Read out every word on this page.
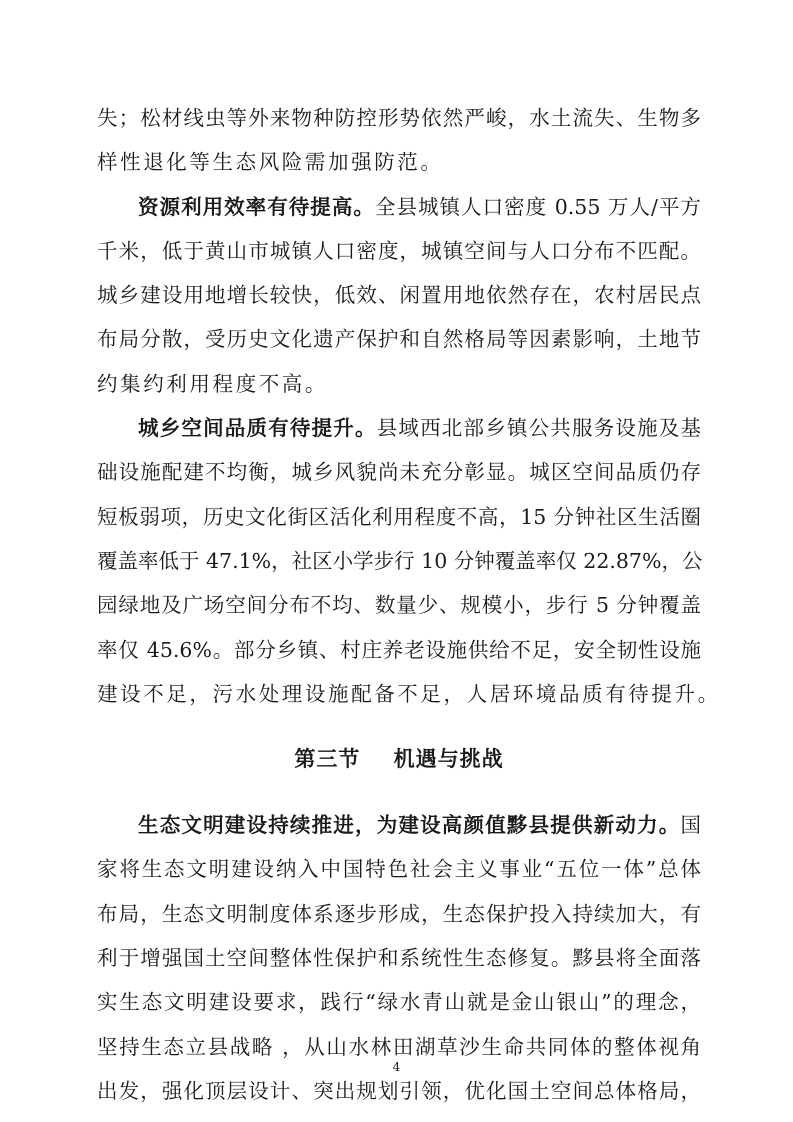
失；松材线虫等外来物种防控形势依然严峻，水土流失、生物多
样性退化等生态风险需加强防范。
资源利用效率有待提高。全县城镇人口密度 0.55 万人/平方
千米，低于黄山市城镇人口密度，城镇空间与人口分布不匹配。
城乡建设用地增长较快，低效、闲置用地依然存在，农村居民点
布局分散，受历史文化遗产保护和自然格局等因素影响，土地节
约集约利用程度不高。
城乡空间品质有待提升。县域西北部乡镇公共服务设施及基
础设施配建不均衡，城乡风貌尚未充分彰显。城区空间品质仍存
短板弱项，历史文化街区活化利用程度不高，15 分钟社区生活圈
覆盖率低于 47.1%，社区小学步行 10 分钟覆盖率仅 22.87%，公
园绿地及广场空间分布不均、数量少、规模小，步行 5 分钟覆盖
率仅 45.6%。部分乡镇、村庄养老设施供给不足，安全韧性设施
建设不足，污水处理设施配备不足，人居环境品质有待提升。
第三节    机遇与挑战
生态文明建设持续推进，为建设高颜值黟县提供新动力。国
家将生态文明建设纳入中国特色社会主义事业“五位一体”总体
布局，生态文明制度体系逐步形成，生态保护投入持续加大，有
利于增强国土空间整体性保护和系统性生态修复。黟县将全面落
实生态文明建设要求，践行“绿水青山就是金山银山”的理念，
坚持生态立县战略 ，从山水林田湖草沙生命共同体的整体视角
出发，强化顶层设计、突出规划引领，优化国土空间总体格局，
4
